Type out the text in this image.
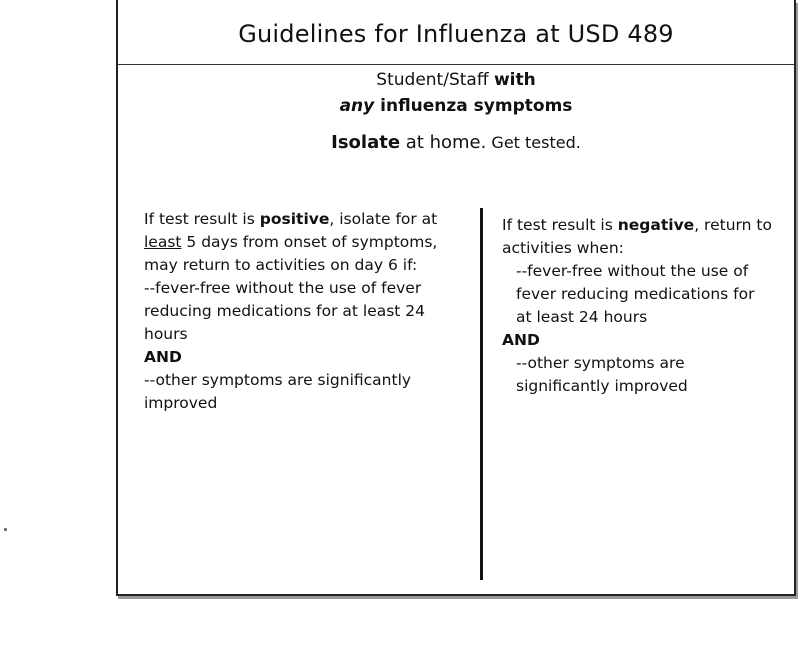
Guidelines for Influenza at USD 489
Student/Staff with
any influenza symptoms
Isolate at home. Get tested.
If test result is positive, isolate for at least 5 days from onset of symptoms, may return to activities on day 6 if:
--fever-free without the use of fever reducing medications for at least 24 hours
AND
--other symptoms are significantly improved
If test result is negative, return to activities when:
--fever-free without the use of fever reducing medications for at least 24 hours
AND
--other symptoms are significantly improved
